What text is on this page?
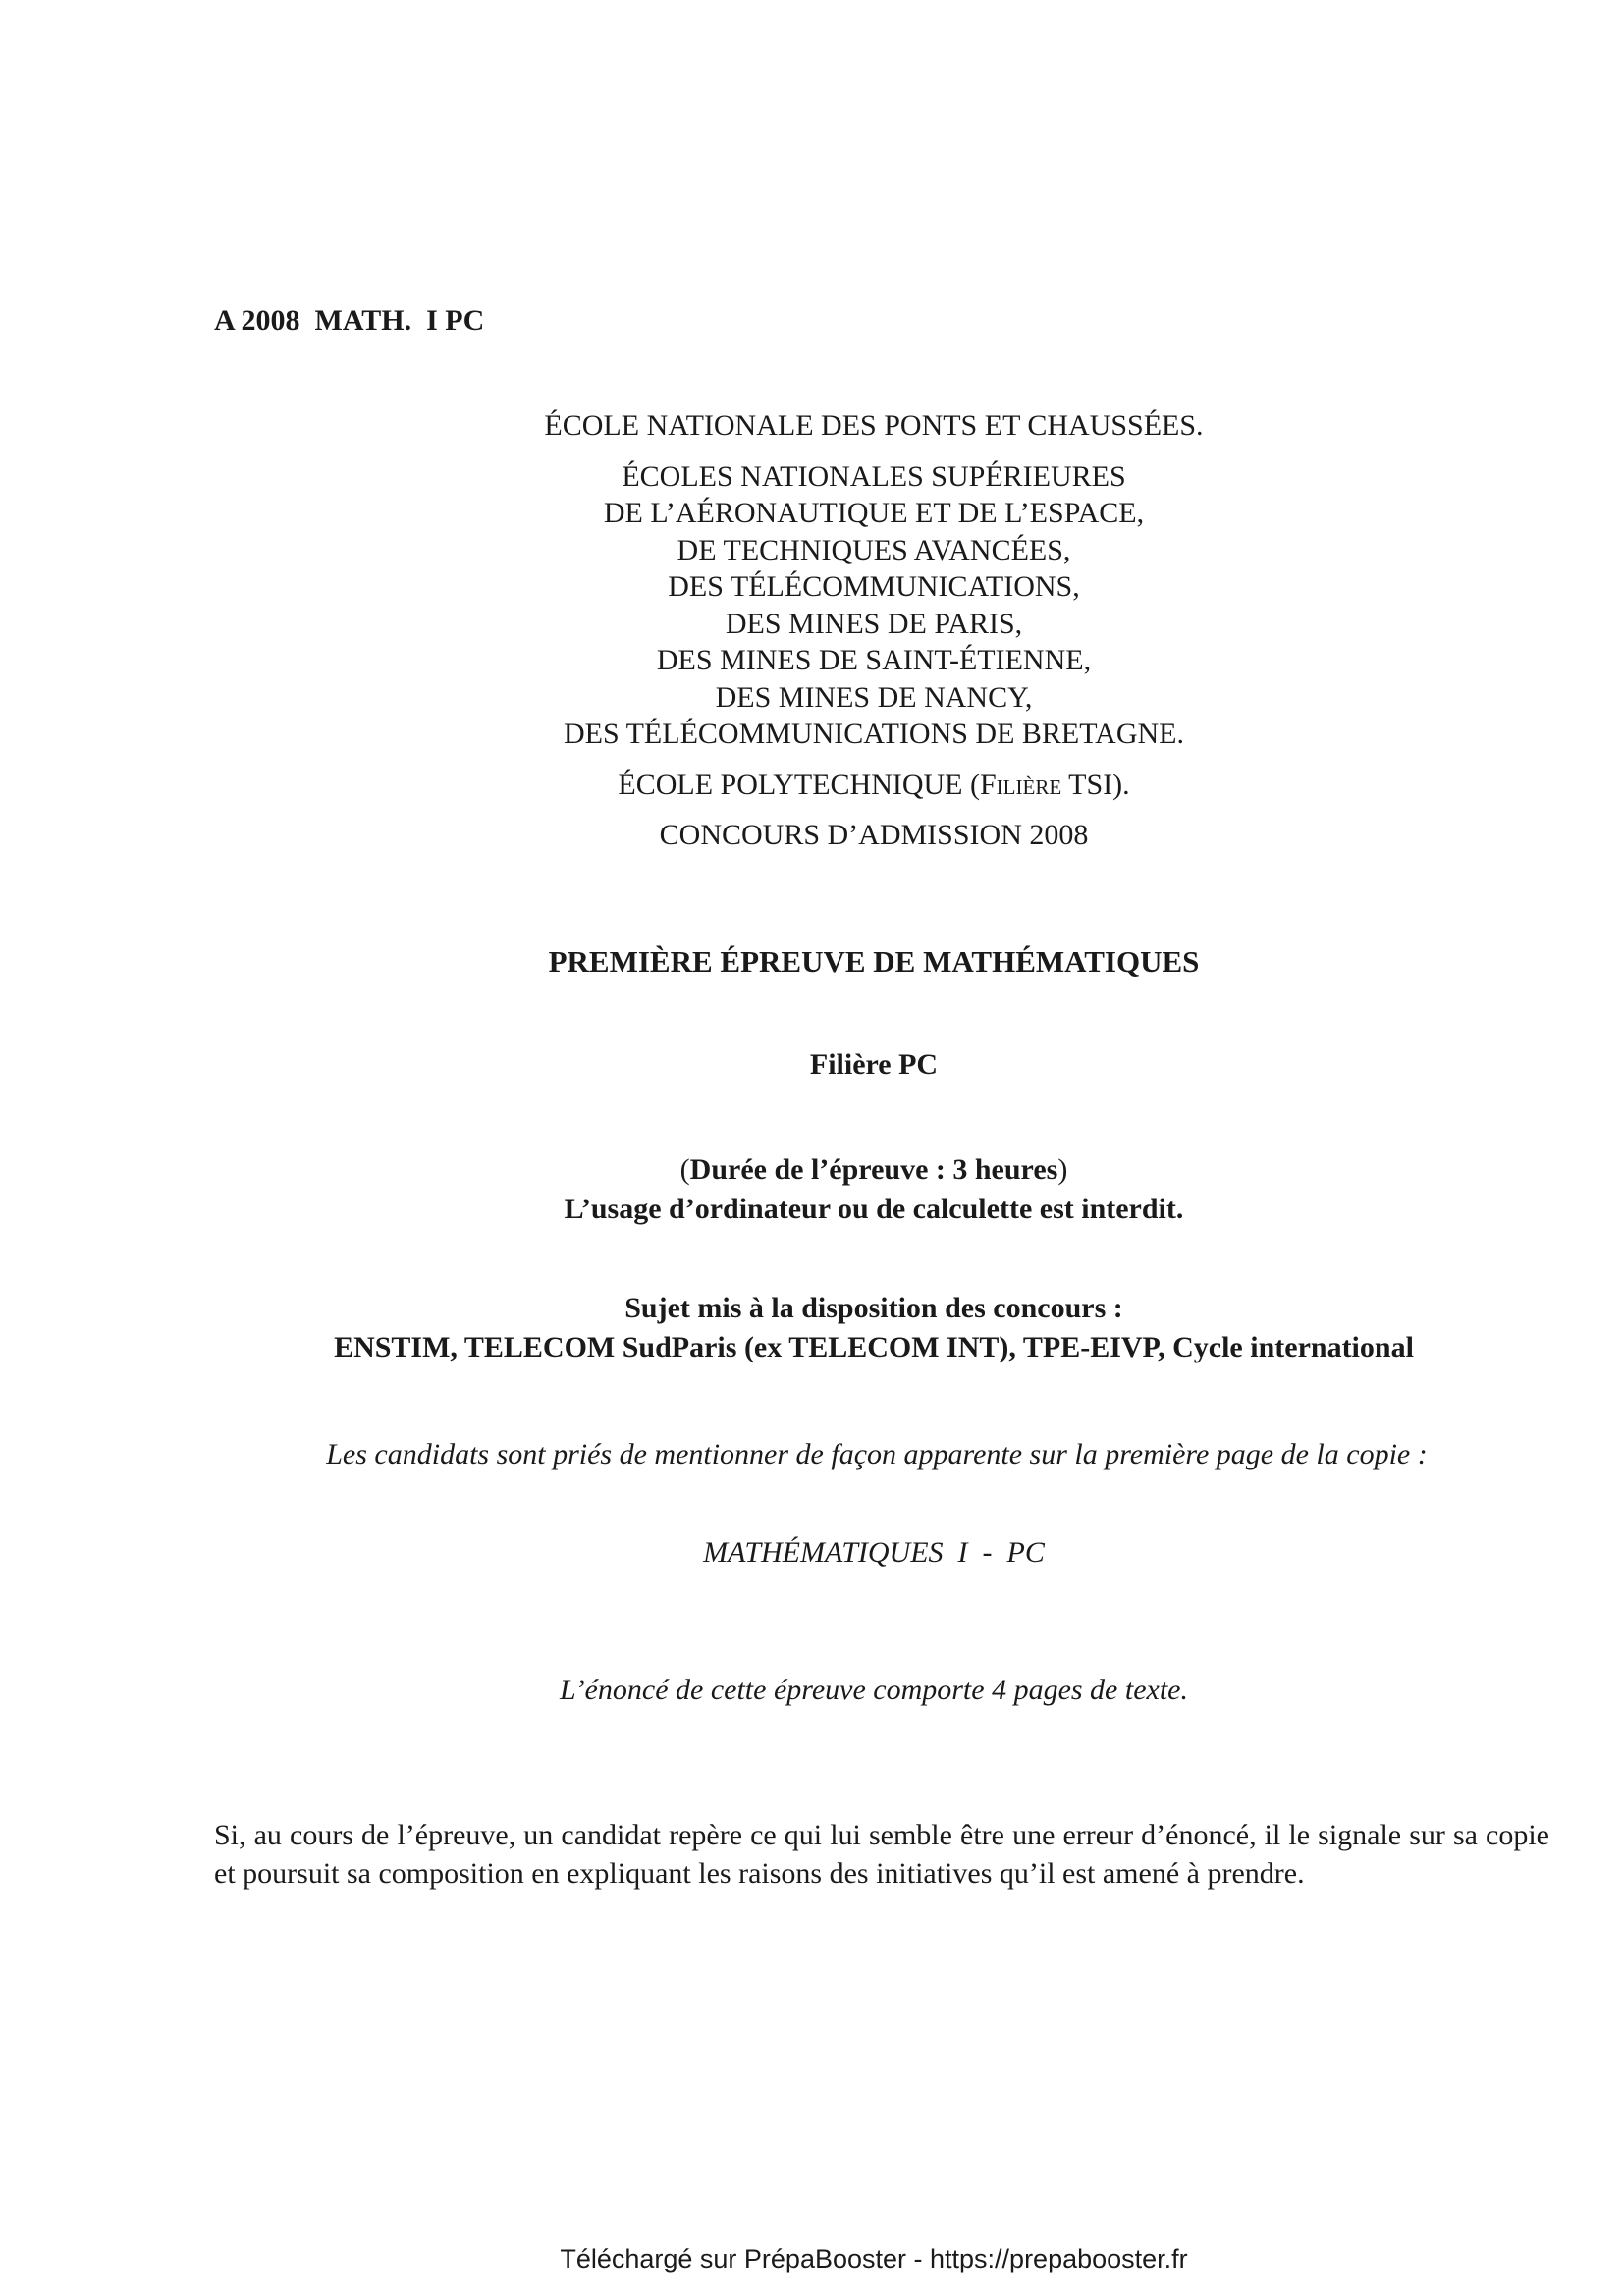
A 2008  MATH.  I PC
ÉCOLE NATIONALE DES PONTS ET CHAUSSÉES.
ÉCOLES NATIONALES SUPÉRIEURES
DE L’AÉRONAUTIQUE ET DE L’ESPACE,
DE TECHNIQUES AVANCÉES,
DES TÉLÉCOMMUNICATIONS,
DES MINES DE PARIS,
DES MINES DE SAINT-ÉTIENNE,
DES MINES DE NANCY,
DES TÉLÉCOMMUNICATIONS DE BRETAGNE.
ÉCOLE POLYTECHNIQUE (Filière TSI).
CONCOURS D’ADMISSION 2008
PREMIÈRE ÉPREUVE DE MATHÉMATIQUES
Filière PC
(Durée de l’épreuve : 3 heures)
L’usage d’ordinateur ou de calculette est interdit.
Sujet mis à la disposition des concours :
ENSTIM, TELECOM SudParis (ex TELECOM INT), TPE-EIVP, Cycle international
Les candidats sont priés de mentionner de façon apparente sur la première page de la copie :
MATHÉMATIQUES  I  -  PC
L’énoncé de cette épreuve comporte 4 pages de texte.
Si, au cours de l’épreuve, un candidat repère ce qui lui semble être une erreur d’énoncé, il le signale sur sa copie et poursuit sa composition en expliquant les raisons des initiatives qu’il est amené à prendre.
Téléchargé sur PrépaBooster - https://prepabooster.fr
